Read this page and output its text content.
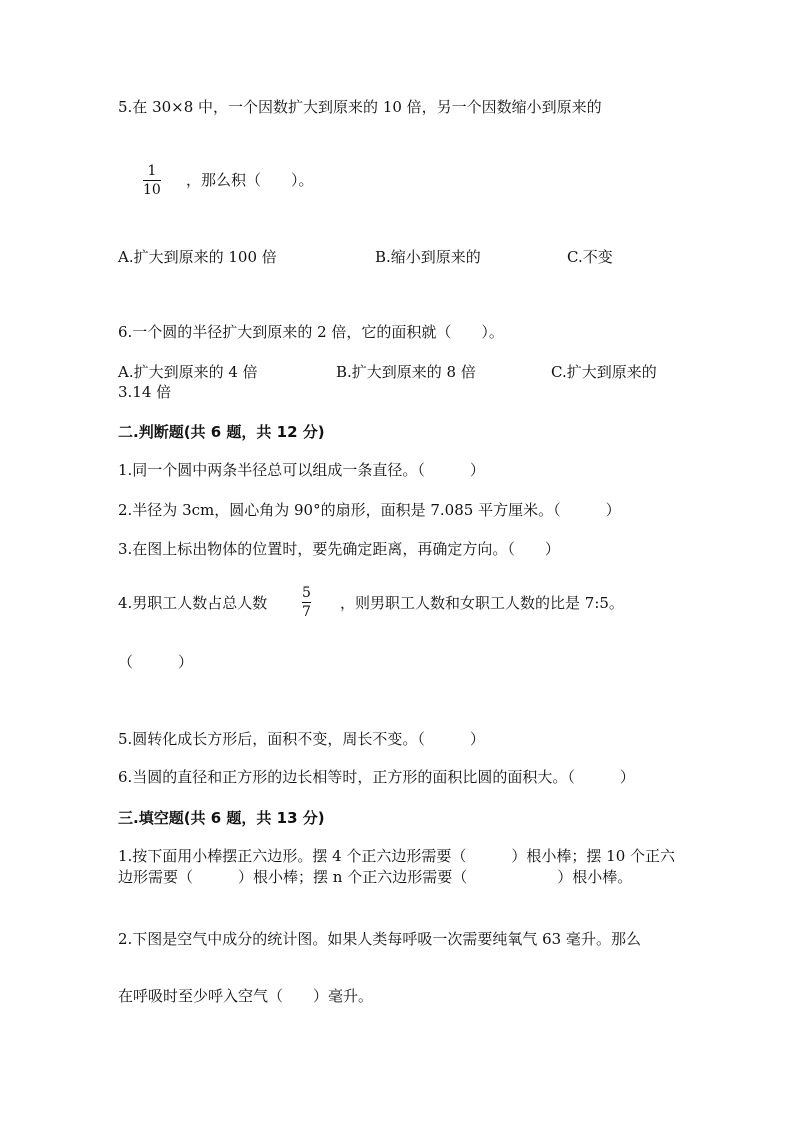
5.在 30×8 中，一个因数扩大到原来的 10 倍，另一个因数缩小到原来的
1
10
，那么积（　　）。
A.扩大到原来的 100 倍	B.缩小到原来的	C.不变
6.一个圆的半径扩大到原来的 2 倍，它的面积就（　　）。
A.扩大到原来的 4 倍	B.扩大到原来的 8 倍	C.扩大到原来的
3.14 倍
二.判断题(共 6 题，共 12 分)
1.同一个圆中两条半径总可以组成一条直径。（　　　）
2.半径为 3cm，圆心角为 90°的扇形，面积是 7.085 平方厘米。（　　　）
3.在图上标出物体的位置时，要先确定距离，再确定方向。（　　）
4.男职工人数占总人数
5
7 ，则男职工人数和女职工人数的比是 7:5。
（　　　）
5.圆转化成长方形后，面积不变，周长不变。（　　　）
6.当圆的直径和正方形的边长相等时，正方形的面积比圆的面积大。（　　　）
三.填空题(共 6 题，共 13 分)
1.按下面用小棒摆正六边形。摆 4 个正六边形需要（　　　）根小棒；摆 10 个正六边形需要（　　　）根小棒；摆 n 个正六边形需要（　　　　　　）根小棒。
2.下图是空气中成分的统计图。如果人类每呼吸一次需要纯氧气 63 毫升。那么
在呼吸时至少呼入空气（　　）毫升。
